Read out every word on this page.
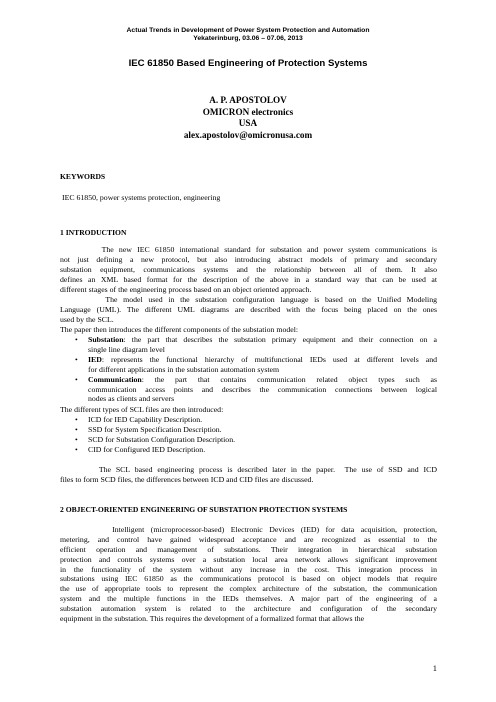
Actual Trends in Development of Power System Protection and Automation
Yekaterinburg, 03.06 – 07.06, 2013
IEC 61850 Based Engineering of Protection Systems
A. P. APOSTOLOV
OMICRON electronics
USA
alex.apostolov@omicronusa.com
KEYWORDS
IEC 61850, power systems protection, engineering
1 INTRODUCTION
The new IEC 61850 international standard for substation and power system communications is
not just defining a new protocol, but also introducing abstract models of primary and secondary
substation equipment, communications systems and the relationship between all of them. It also
defines an XML based format for the description of the above in a standard way that can be used at
different stages of the engineering process based on an object oriented approach.
The model used in the substation configuration language is based on the Unified Modeling
Language (UML). The different UML diagrams are described with the focus being placed on the ones
used by the SCL.
The paper then introduces the different components of the substation model:
• Substation: the part that describes the substation primary equipment and their connection on a
single line diagram level
• IED: represents the functional hierarchy of multifunctional IEDs used at different levels and
for different applications in the substation automation system
• Communication:  the  part  that  contains  communication  related  object  types  such  as
communication access points and describes the communication connections between logical
nodes as clients and servers
The different types of SCL files are then introduced:
• ICD for IED Capability Description.
• SSD for System Specification Description.
• SCD for Substation Configuration Description.
• CID for Configured IED Description.
The SCL based engineering process is described later in the paper.  The use of SSD and ICD
files to form SCD files, the differences between ICD and CID files are discussed.
2 OBJECT-ORIENTED ENGINEERING OF SUBSTATION PROTECTION SYSTEMS
Intelligent (microprocessor-based) Electronic Devices (IED) for data acquisition, protection,
metering, and control have gained widespread acceptance and are recognized as essential to the
efficient operation and management of substations. Their integration in hierarchical substation
protection and controls systems over a substation local area network allows significant improvement
in the functionality of the system without any increase in the cost. This integration process in
substations using IEC 61850 as the communications protocol is based on object models that require
the use of appropriate tools to represent the complex architecture of the substation, the communication
system and the multiple functions in the IEDs themselves. A major part of the engineering of a
substation automation system is related to the architecture and configuration of the secondary
equipment in the substation. This requires the development of a formalized format that allows the
1
